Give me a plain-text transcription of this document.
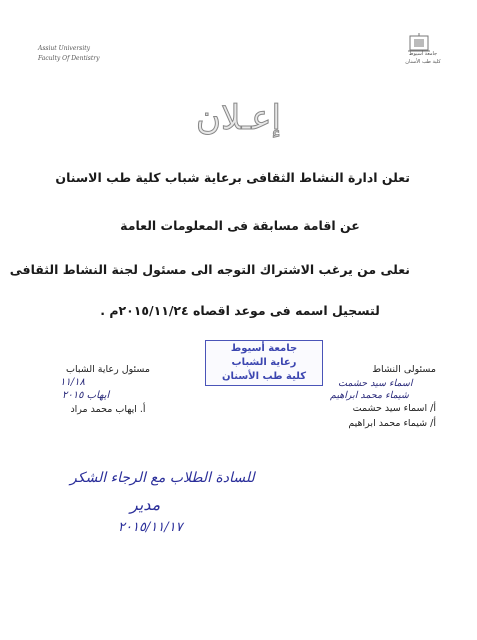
Assiut University
Faculty Of Dentistry
جامعة أسيوط
كلية طب الأسنان
إعـلان
تعلن ادارة النشاط الثقافى برعاية شباب كلية طب الاسنان
عن اقامة مسابقة فى المعلومات العامة
نعلى من يرغب الاشتراك التوجه الى مسئول لجنة النشاط الثقافى
لتسجيل اسمه فى موعد اقصاه ٢٠١٥/١١/٢٤م .
جامعة أسيوط
رعاية الشباب
كلية طب الأسنان
مسئول رعاية الشباب
١١/١٨
ايهاب ٢٠١٥
أ. ايهاب محمد مراد
مسئولى النشاط
اسماء سيد حشمت
شيماء محمد ابراهيم
أ/ اسماء سيد حشمت
أ/ شيماء محمد ابراهيم
للسادة الطلاب مع الرجاء الشكر
مدير
٢٠١٥/١١/١٧
